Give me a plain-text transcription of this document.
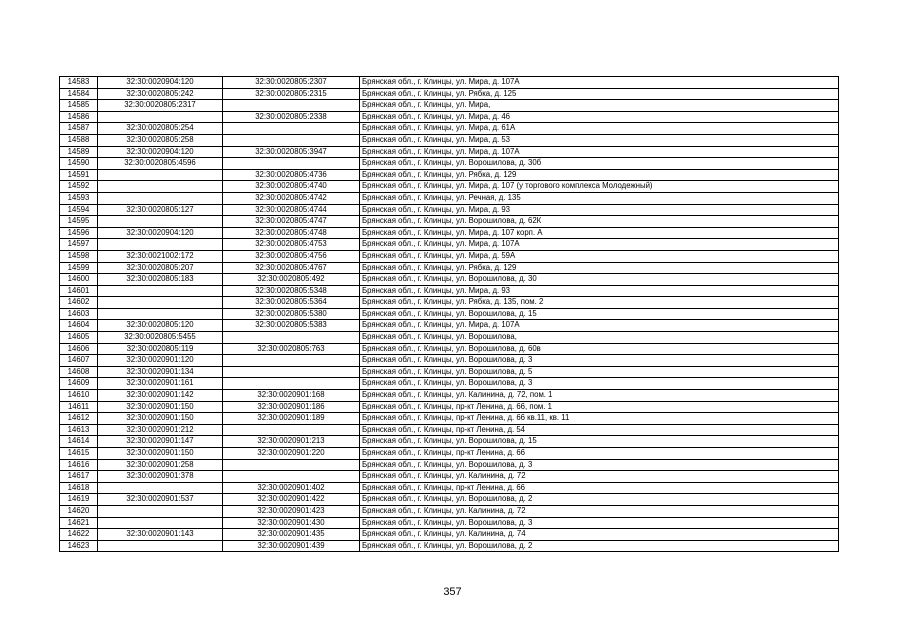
14583	32:30:0020904:120	32:30:0020805:2307	Брянская обл., г. Клинцы, ул. Мира, д. 107А
14584	32:30:0020805:242	32:30:0020805:2315	Брянская обл., г. Клинцы, ул. Рябка, д. 125
14585	32:30:0020805:2317		Брянская обл., г. Клинцы, ул. Мира,
14586		32:30:0020805:2338	Брянская обл., г. Клинцы, ул. Мира, д. 46
14587	32:30:0020805:254		Брянская обл., г. Клинцы, ул. Мира, д. 61А
14588	32:30:0020805:258		Брянская обл., г. Клинцы, ул. Мира, д. 53
14589	32:30:0020904:120	32:30:0020805:3947	Брянская обл., г. Клинцы, ул. Мира, д. 107А
14590	32:30:0020805:4596		Брянская обл., г. Клинцы, ул. Ворошилова, д. 30б
14591		32:30:0020805:4736	Брянская обл., г. Клинцы, ул. Рябка, д. 129
14592		32:30:0020805:4740	Брянская обл., г. Клинцы, ул. Мира, д. 107 (у торгового комплекса Молодежный)
14593		32:30:0020805:4742	Брянская обл., г. Клинцы, ул. Речная, д. 135
14594	32:30:0020805:127	32:30:0020805:4744	Брянская обл., г. Клинцы, ул. Мира, д. 93
14595		32:30:0020805:4747	Брянская обл., г. Клинцы, ул. Ворошилова, д. 62К
14596	32:30:0020904:120	32:30:0020805:4748	Брянская обл., г. Клинцы, ул. Мира, д. 107 корп. А
14597		32:30:0020805:4753	Брянская обл., г. Клинцы, ул. Мира, д. 107А
14598	32:30:0021002:172	32:30:0020805:4756	Брянская обл., г. Клинцы, ул. Мира, д. 59А
14599	32:30:0020805:207	32:30:0020805:4767	Брянская обл., г. Клинцы, ул. Рябка, д. 129
14600	32:30:0020805:183	32:30:0020805:492	Брянская обл., г. Клинцы, ул. Ворошилова, д. 30
14601		32:30:0020805:5348	Брянская обл., г. Клинцы, ул. Мира, д. 93
14602		32:30:0020805:5364	Брянская обл., г. Клинцы, ул. Рябка, д. 135, пом. 2
14603		32:30:0020805:5380	Брянская обл., г. Клинцы, ул. Ворошилова, д. 15
14604	32:30:0020805:120	32:30:0020805:5383	Брянская обл., г. Клинцы, ул. Мира, д. 107А
14605	32:30:0020805:5455		Брянская обл., г. Клинцы, ул. Ворошилова,
14606	32:30:0020805:119	32:30:0020805:763	Брянская обл., г. Клинцы, ул. Ворошилова, д. 60в
14607	32:30:0020901:120		Брянская обл., г. Клинцы, ул. Ворошилова, д. 3
14608	32:30:0020901:134		Брянская обл., г. Клинцы, ул. Ворошилова, д. 5
14609	32:30:0020901:161		Брянская обл., г. Клинцы, ул. Ворошилова, д. 3
14610	32:30:0020901:142	32:30:0020901:168	Брянская обл., г. Клинцы, ул. Калинина, д. 72, пом. 1
14611	32:30:0020901:150	32:30:0020901:186	Брянская обл., г. Клинцы, пр-кт Ленина, д. 66, пом. 1
14612	32:30:0020901:150	32:30:0020901:189	Брянская обл., г. Клинцы, пр-кт Ленина, д. 66 кв.11, кв. 11
14613	32:30:0020901:212		Брянская обл., г. Клинцы, пр-кт Ленина, д. 54
14614	32:30:0020901:147	32:30:0020901:213	Брянская обл., г. Клинцы, ул. Ворошилова, д. 15
14615	32:30:0020901:150	32:30:0020901:220	Брянская обл., г. Клинцы, пр-кт Ленина, д. 66
14616	32:30:0020901:258		Брянская обл., г. Клинцы, ул. Ворошилова, д. 3
14617	32:30:0020901:378		Брянская обл., г. Клинцы, ул. Калинина, д. 72
14618		32:30:0020901:402	Брянская обл., г. Клинцы, пр-кт Ленина, д. 66
14619	32:30:0020901:537	32:30:0020901:422	Брянская обл., г. Клинцы, ул. Ворошилова, д. 2
14620		32:30:0020901:423	Брянская обл., г. Клинцы, ул. Калинина, д. 72
14621		32:30:0020901:430	Брянская обл., г. Клинцы, ул. Ворошилова, д. 3
14622	32:30:0020901:143	32:30:0020901:435	Брянская обл., г. Клинцы, ул. Калинина, д. 74
14623		32:30:0020901:439	Брянская обл., г. Клинцы, ул. Ворошилова, д. 2
357
